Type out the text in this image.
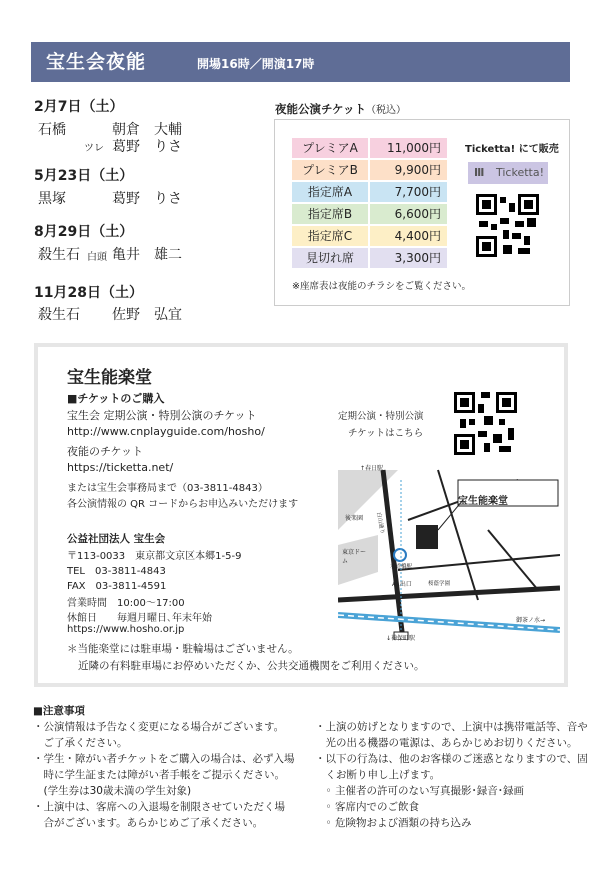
宝生会夜能	開場16時／開演17時
2月7日（土）
石橋	朝倉　大輔
ツレ 葛野　りさ
5月23日（土）
黒塚	葛野　りさ
8月29日（土）
殺生石 白頭 亀井　雄二
11月28日（土）
殺生石 佐野　弘宜
夜能公演チケット（税込）
プレミアA	11,000円
プレミアB	9,900円
指定席A	7,700円
指定席B	6,600円
指定席C	4,400円
見切れ席	3,300円
Ticketta! にて販売
Ⅲ Ticketta!
※座席表は夜能のチラシをご覧ください。
宝生能楽堂
■チケットのご購入
宝生会 定期公演・特別公演のチケット
http://www.cnplayguide.com/hosho/
夜能のチケット
https://ticketta.net/
または宝生会事務局まで（03-3811-4843）
各公演情報の QR コードからお申込みいただけます
定期公演・特別公演
チケットはこちら
公益社団法人 宝生会
〒113-0033　東京都文京区本郷1-5-9
TEL　03-3811-4843
FAX　03-3811-4591
営業時間　10:00～17:00
休館日　　毎週月曜日､年末年始
https://www.hosho.or.jp
＊当能楽堂には駐車場・駐輪場はございません。
近隣の有料駐車場にお停めいただくか、公共交通機関をご利用ください。
宝生能楽堂
↑春日駅
後楽園
東京ドーム
水道橋駅
A1出口	桜蔭学園
JR水道橋駅
↓神保町駅
白山通り
御茶ノ水→
■注意事項
・公演情報は予告なく変更になる場合がございます。
　ご了承ください。
・学生・障がい者チケットをご購入の場合は、必ず入場
　時に学生証または障がい者手帳をご提示ください。
　(学生券は30歳未満の学生対象)
・上演中は、客席への入退場を制限させていただく場
　合がございます。あらかじめご了承ください。
・上演の妨げとなりますので、上演中は携帯電話等、音や
　光の出る機器の電源は、あらかじめお切りください。
・以下の行為は、他のお客様のご迷惑となりますので、固
　くお断り申し上げます。
　◦ 主催者の許可のない写真撮影･録音･録画
　◦ 客席内でのご飲食
　◦ 危険物および酒類の持ち込み
